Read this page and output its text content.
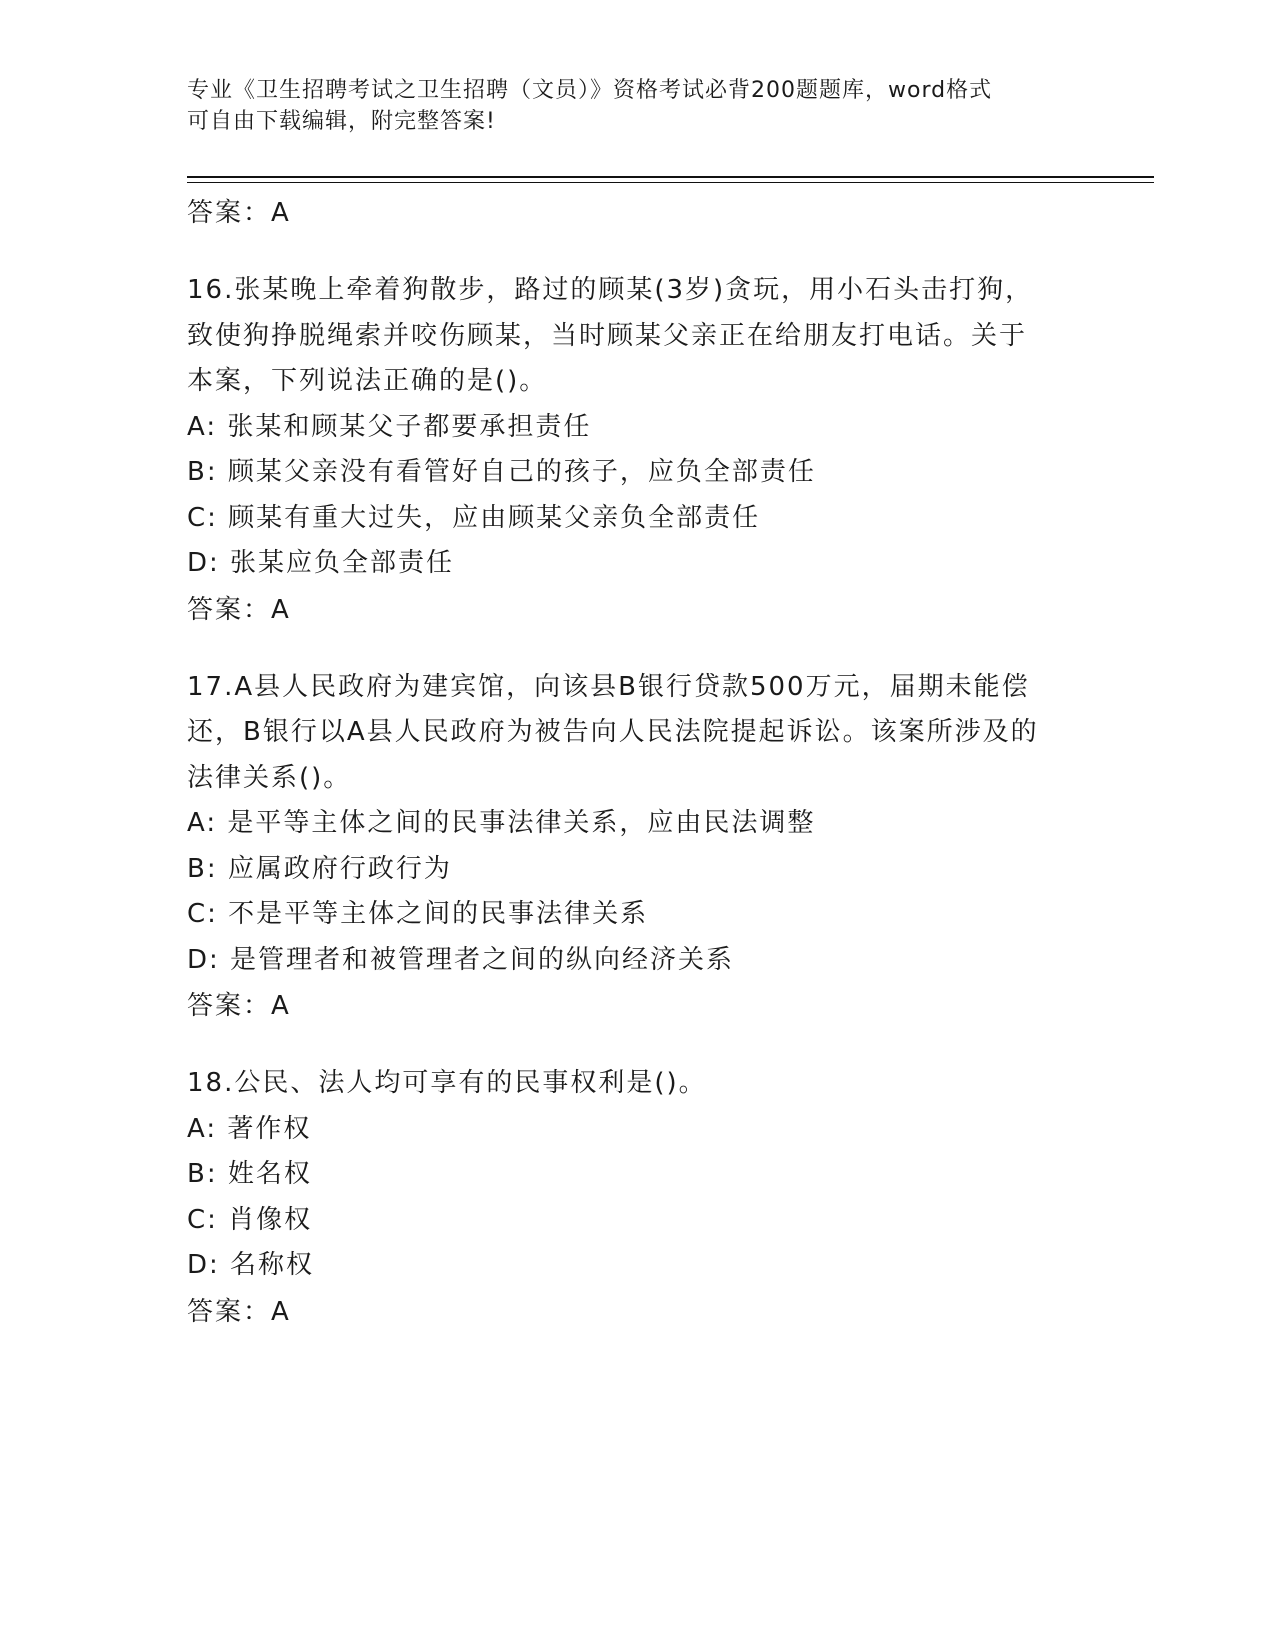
专业《卫生招聘考试之卫生招聘（文员）》资格考试必背200题题库，word格式
可自由下载编辑，附完整答案!
答案：A
16.张某晚上牵着狗散步，路过的顾某(3岁)贪玩，用小石头击打狗，
致使狗挣脱绳索并咬伤顾某，当时顾某父亲正在给朋友打电话。关于
本案，下列说法正确的是()。
A: 张某和顾某父子都要承担责任
B: 顾某父亲没有看管好自己的孩子，应负全部责任
C: 顾某有重大过失，应由顾某父亲负全部责任
D: 张某应负全部责任
答案：A
17.A县人民政府为建宾馆，向该县B银行贷款500万元，届期未能偿
还，B银行以A县人民政府为被告向人民法院提起诉讼。该案所涉及的
法律关系()。
A: 是平等主体之间的民事法律关系，应由民法调整
B: 应属政府行政行为
C: 不是平等主体之间的民事法律关系
D: 是管理者和被管理者之间的纵向经济关系
答案：A
18.公民、法人均可享有的民事权利是()。
A: 著作权
B: 姓名权
C: 肖像权
D: 名称权
答案：A
